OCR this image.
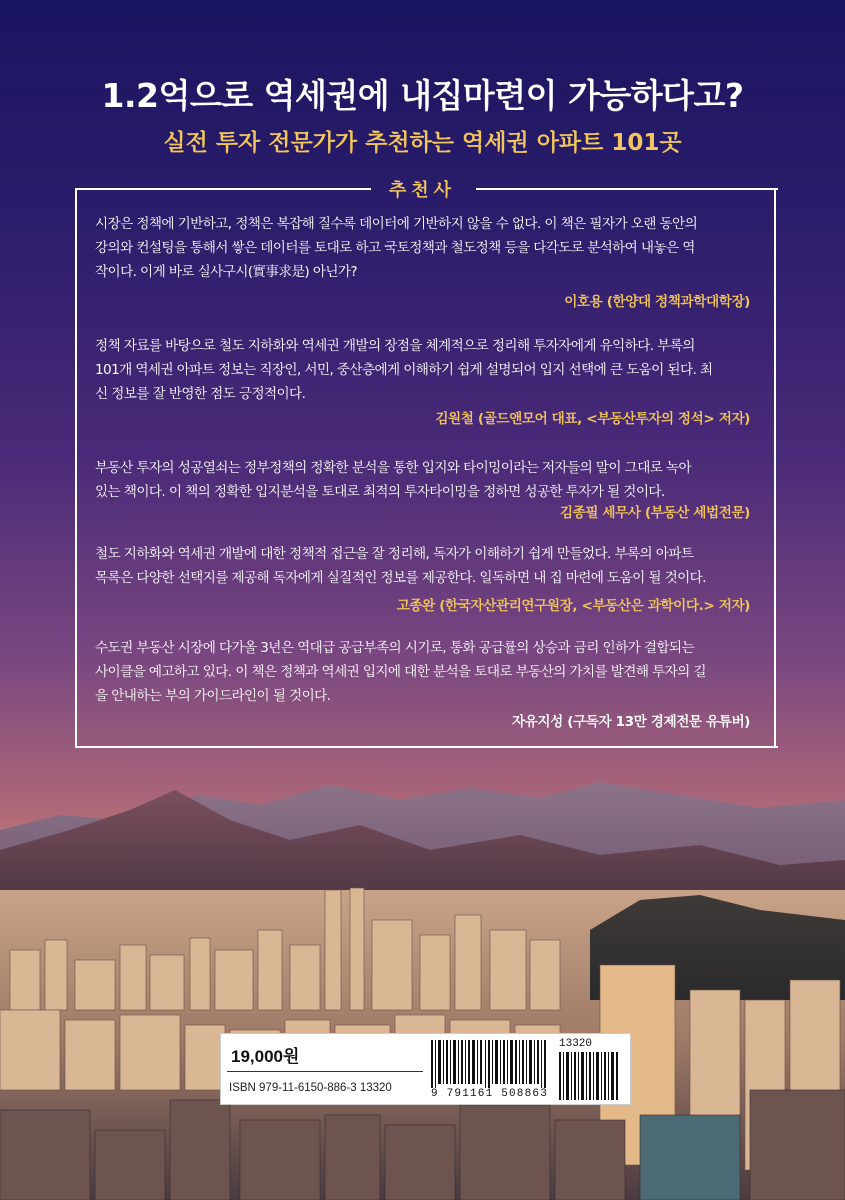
1.2억으로 역세권에 내집마련이 가능하다고?
실전 투자 전문가가 추천하는 역세권 아파트 101곳
추천사
시장은 정책에 기반하고, 정책은 복잡해 질수록 데이터에 기반하지 않을 수 없다. 이 책은 필자가 오랜 동안의
강의와 컨설팅을 통해서 쌓은 데이터를 토대로 하고 국토정책과 철도정책 등을 다각도로 분석하여 내놓은 역
작이다. 이게 바로 실사구시(實事求是) 아닌가?
이호용 (한양대 정책과학대학장)
정책 자료를 바탕으로 철도 지하화와 역세권 개발의 장점을 체계적으로 정리해 투자자에게 유익하다. 부록의
101개 역세권 아파트 정보는 직장인, 서민, 중산층에게 이해하기 쉽게 설명되어 입지 선택에 큰 도움이 된다. 최
신 정보를 잘 반영한 점도 긍정적이다.
김원철 (골드앤모어 대표, <부동산투자의 정석> 저자)
부동산 투자의 성공열쇠는 정부정책의 정확한 분석을 통한 입지와 타이밍이라는 저자들의 말이 그대로 녹아
있는 책이다. 이 책의 정확한 입지분석을 토대로 최적의 투자타이밍을 정하면 성공한 투자가 될 것이다.
김종필 세무사 (부동산 세법전문)
철도 지하화와 역세권 개발에 대한 정책적 접근을 잘 정리해, 독자가 이해하기 쉽게 만들었다. 부록의 아파트
목록은 다양한 선택지를 제공해 독자에게 실질적인 정보를 제공한다. 일독하면 내 집 마련에 도움이 될 것이다.
고종완 (한국자산관리연구원장, <부동산은 과학이다.> 저자)
수도권 부동산 시장에 다가올 3년은 역대급 공급부족의 시기로, 통화 공급률의 상승과 금리 인하가 결합되는
사이클을 예고하고 있다. 이 책은 정책과 역세권 입지에 대한 분석을 토대로 부동산의 가치를 발견해 투자의 길
을 안내하는 부의 가이드라인이 될 것이다.
자유지성 (구독자 13만 경제전문 유튜버)
19,000원
ISBN 979-11-6150-886-3 13320	9 791161 508863
13320
